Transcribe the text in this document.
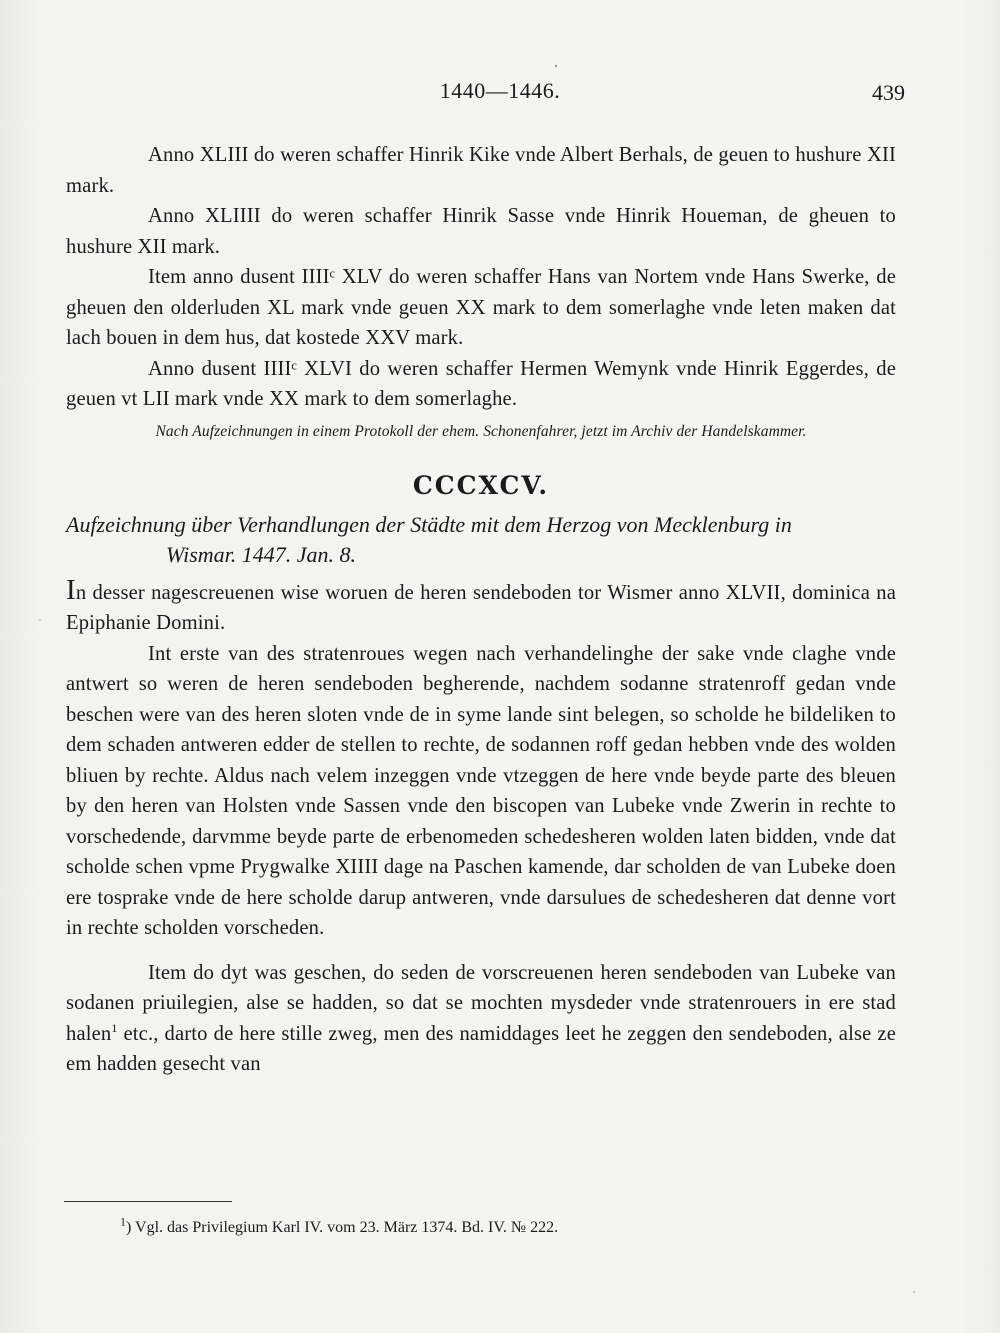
1440—1446.	439

Anno XLIII do weren schaffer Hinrik Kike vnde Albert Berhals, de geuen to hushure XII mark.

Anno XLIIII do weren schaffer Hinrik Sasse vnde Hinrik Houeman, de gheuen to hushure XII mark.

Item anno dusent IIIIᶜ XLV do weren schaffer Hans van Nortem vnde Hans Swerke, de gheuen den olderluden XL mark vnde geuen XX mark to dem somerlaghe vnde leten maken dat lach bouen in dem hus, dat kostede XXV mark.

Anno dusent IIIIᶜ XLVI do weren schaffer Hermen Wemynk vnde Hinrik Eggerdes, de geuen vt LII mark vnde XX mark to dem somerlaghe.

Nach Aufzeichnungen in einem Protokoll der ehem. Schonenfahrer, jetzt im Archiv der Handelskammer.

CCCXCV.

Aufzeichnung über Verhandlungen der Städte mit dem Herzog von Mecklenburg in
Wismar. 1447. Jan. 8.

In desser nagescreuenen wise woruen de heren sendeboden tor Wismer anno XLVII, dominica na Epiphanie Domini.

Int erste van des stratenroues wegen nach verhandelinghe der sake vnde claghe vnde antwert so weren de heren sendeboden begherende, nachdem sodanne stratenroff gedan vnde beschen were van des heren sloten vnde de in syme lande sint belegen, so scholde he bildeliken to dem schaden antweren edder de stellen to rechte, de sodannen roff gedan hebben vnde des wolden bliuen by rechte. Aldus nach velem inzeggen vnde vtzeggen de here vnde beyde parte des bleuen by den heren van Holsten vnde Sassen vnde den biscopen van Lubeke vnde Zwerin in rechte to vorschedende, darvmme beyde parte de erbenomeden schedesheren wolden laten bidden, vnde dat scholde schen vpme Prygwalke XIIII dage na Paschen kamende, dar scholden de van Lubeke doen ere tosprake vnde de here scholde darup antweren, vnde darsulues de schedesheren dat denne vort in rechte scholden vorscheden.

Item do dyt was geschen, do seden de vorscreuenen heren sendeboden van Lubeke van sodanen priuilegien, alse se hadden, so dat se mochten mysdeder vnde stratenrouers in ere stad halen$^1$ etc., darto de here stille zweg, men des namiddages leet he zeggen den sendeboden, alse ze em hadden gesecht van

$^1$) Vgl. das Privilegium Karl IV. vom 23. März 1374. Bd. IV. № 222.
